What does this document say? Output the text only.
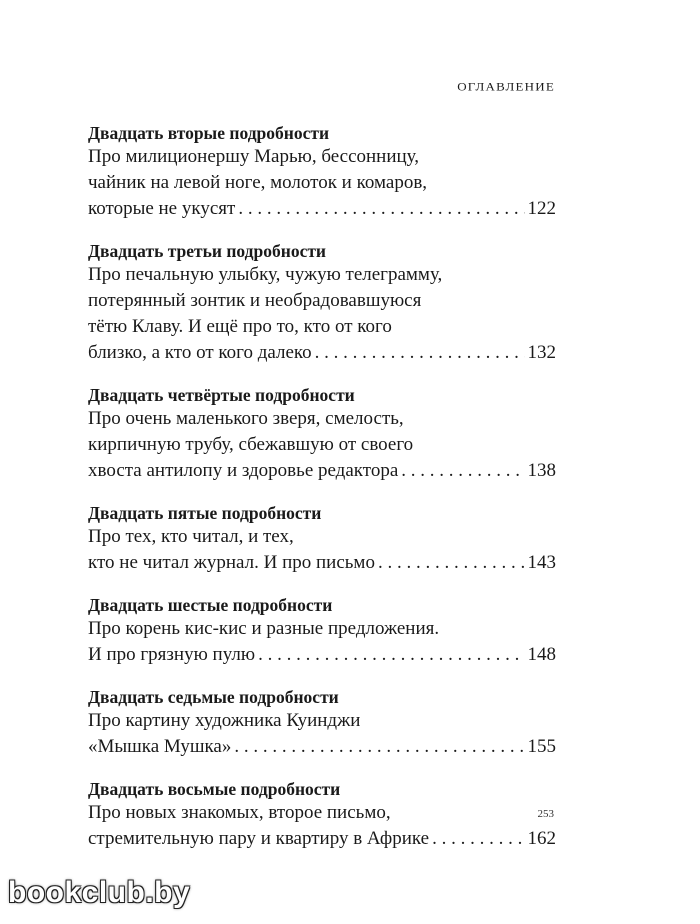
ОГЛАВЛЕНИЕ
Двадцать вторые подробности
Про милиционершу Марью, бессонницу,
чайник на левой ноге, молоток и комаров,
которые не укусят . . .	122
Двадцать третьи подробности
Про печальную улыбку, чужую телеграмму,
потерянный зонтик и необрадовавшуюся
тётю Клаву. И ещё про то, кто от кого
близко, а кто от кого далеко . . .	132
Двадцать четвёртые подробности
Про очень маленького зверя, смелость,
кирпичную трубу, сбежавшую от своего
хвоста антилопу и здоровье редактора . . .	138
Двадцать пятые подробности
Про тех, кто читал, и тех,
кто не читал журнал. И про письмо . . .	143
Двадцать шестые подробности
Про корень кис-кис и разные предложения.
И про грязную пулю . . .	148
Двадцать седьмые подробности
Про картину художника Куинджи
«Мышка Мушка» . . .	155
Двадцать восьмые подробности
Про новых знакомых, второе письмо,
стремительную пару и квартиру в Африке . . .	162
253
bookclub.by
